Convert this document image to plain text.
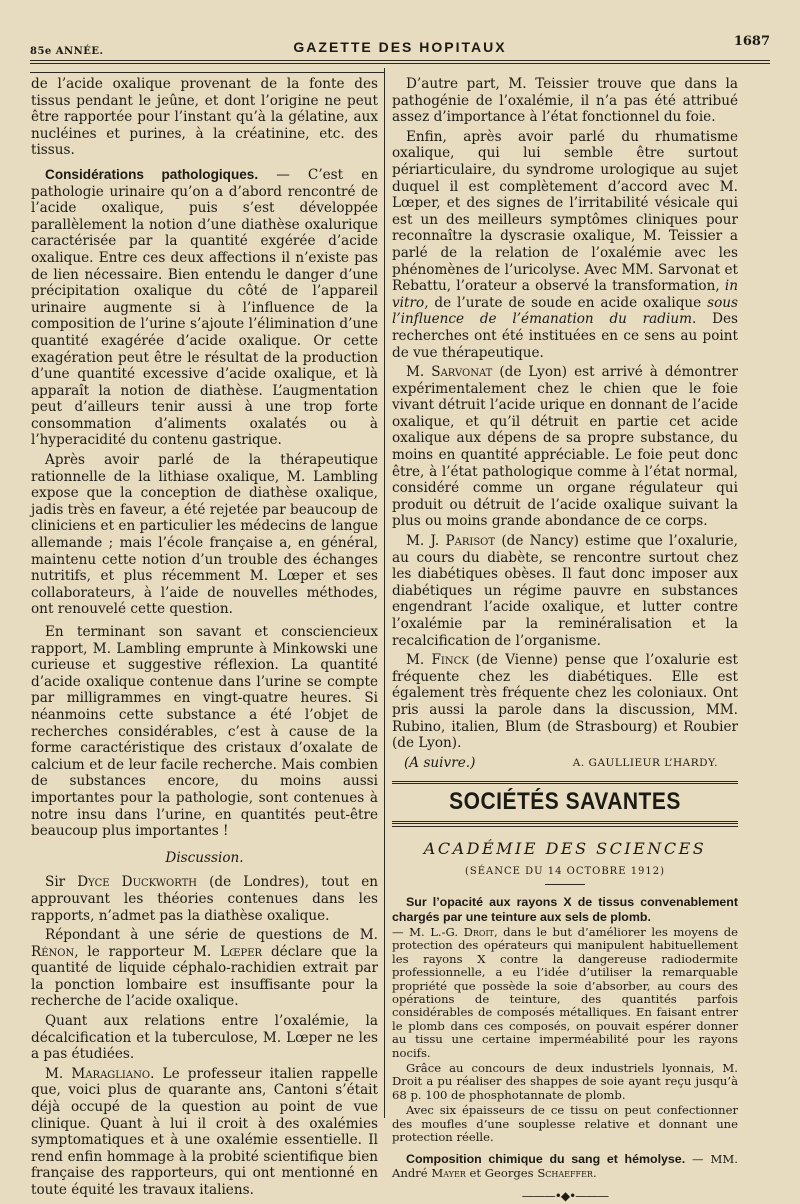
85e ANNÉE.	GAZETTE DES HOPITAUX	1687

de l’acide oxalique provenant de la fonte des tissus pendant le jeûne, et dont l’origine ne peut être rapportée pour l’instant qu’à la gélatine, aux nucléines et purines, à la créatinine, etc. des tissus.

Considérations pathologiques. — C’est en pathologie urinaire qu’on a d’abord rencontré de l’acide oxalique, puis s’est développée parallèlement la notion d’une diathèse oxalurique caractérisée par la quantité exgérée d’acide oxalique. Entre ces deux affections il n’existe pas de lien nécessaire. Bien entendu le danger d’une précipitation oxalique du côté de l’appareil urinaire augmente si à l’influence de la composition de l’urine s’ajoute l’élimination d’une quantité exagérée d’acide oxalique. Or cette exagération peut être le résultat de la production d’une quantité excessive d’acide oxalique, et là apparaît la notion de diathèse. L’augmentation peut d’ailleurs tenir aussi à une trop forte consommation d’aliments oxalatés ou à l’hyperacidité du contenu gastrique.

Après avoir parlé de la thérapeutique rationnelle de la lithiase oxalique, M. Lambling expose que la conception de diathèse oxalique, jadis très en faveur, a été rejetée par beaucoup de cliniciens et en particulier les médecins de langue allemande ; mais l’école française a, en général, maintenu cette notion d’un trouble des échanges nutritifs, et plus récemment M. Lœper et ses collaborateurs, à l’aide de nouvelles méthodes, ont renouvelé cette question.

En terminant son savant et consciencieux rapport, M. Lambling emprunte à Minkowski une curieuse et suggestive réflexion. La quantité d’acide oxalique contenue dans l’urine se compte par milligrammes en vingt-quatre heures. Si néanmoins cette substance a été l’objet de recherches considérables, c’est à cause de la forme caractéristique des cristaux d’oxalate de calcium et de leur facile recherche. Mais combien de substances encore, du moins aussi importantes pour la pathologie, sont contenues à notre insu dans l’urine, en quantités peut-être beaucoup plus importantes !

Discussion.

Sir Dyce Duckworth (de Londres), tout en approuvant les théories contenues dans les rapports, n’admet pas la diathèse oxalique.

Répondant à une série de questions de M. Rénon, le rapporteur M. Lœper déclare que la quantité de liquide céphalo-rachidien extrait par la ponction lombaire est insuffisante pour la recherche de l’acide oxalique.

Quant aux relations entre l’oxalémie, la décalcification et la tuberculose, M. Lœper ne les a pas étudiées.

M. Maragliano. Le professeur italien rappelle que, voici plus de quarante ans, Cantoni s’était déjà occupé de la question au point de vue clinique. Quant à lui il croit à des oxalémies symptomatiques et à une oxalémie essentielle. Il rend enfin hommage à la probité scientifique bien française des rapporteurs, qui ont mentionné en toute équité les travaux italiens.

D’autre part, M. Teissier trouve que dans la pathogénie de l’oxalémie, il n’a pas été attribué assez d’importance à l’état fonctionnel du foie.

Enfin, après avoir parlé du rhumatisme oxalique, qui lui semble être surtout périarticulaire, du syndrome urologique au sujet duquel il est complètement d’accord avec M. Lœper, et des signes de l’irritabilité vésicale qui est un des meilleurs symptômes cliniques pour reconnaître la dyscrasie oxalique, M. Teissier a parlé de la relation de l’oxalémie avec les phénomènes de l’uricolyse. Avec MM. Sarvonat et Rebattu, l’orateur a observé la transformation, in vitro, de l’urate de soude en acide oxalique sous l’influence de l’émanation du radium. Des recherches ont été instituées en ce sens au point de vue thérapeutique.

M. Sarvonat (de Lyon) est arrivé à démontrer expérimentalement chez le chien que le foie vivant détruit l’acide urique en donnant de l’acide oxalique, et qu’il détruit en partie cet acide oxalique aux dépens de sa propre substance, du moins en quantité appréciable. Le foie peut donc être, à l’état pathologique comme à l’état normal, considéré comme un organe régulateur qui produit ou détruit de l’acide oxalique suivant la plus ou moins grande abondance de ce corps.

M. J. Parisot (de Nancy) estime que l’oxalurie, au cours du diabète, se rencontre surtout chez les diabétiques obèses. Il faut donc imposer aux diabétiques un régime pauvre en substances engendrant l’acide oxalique, et lutter contre l’oxalémie par la reminéralisation et la recalcification de l’organisme.

M. Finck (de Vienne) pense que l’oxalurie est fréquente chez les diabétiques. Elle est également très fréquente chez les coloniaux. Ont pris aussi la parole dans la discussion, MM. Rubino, italien, Blum (de Strasbourg) et Roubier (de Lyon).

(A suivre.)	A. GAULLIEUR L’HARDY.
SOCIÉTÉS SAVANTES
ACADÉMIE DES SCIENCES
(SÉANCE DU 14 OCTOBRE 1912)

Sur l’opacité aux rayons X de tissus convenablement chargés par une teinture aux sels de plomb.

— M. L.-G. Droit, dans le but d’améliorer les moyens de protection des opérateurs qui manipulent habituellement les rayons X contre la dangereuse radiodermite professionnelle, a eu l’idée d’utiliser la remarquable propriété que possède la soie d’absorber, au cours des opérations de teinture, des quantités parfois considérables de composés métalliques. En faisant entrer le plomb dans ces composés, on pouvait espérer donner au tissu une certaine imperméabilité pour les rayons nocifs.

Grâce au concours de deux industriels lyonnais, M. Droit a pu réaliser des shappes de soie ayant reçu jusqu’à 68 p. 100 de phosphotannate de plomb.

Avec six épaisseurs de ce tissu on peut confectionner des moufles d’une souplesse relative et donnant une protection réelle.

Composition chimique du sang et hémolyse. — MM. André Mayer et Georges Schaeffer.

———•◆•———
